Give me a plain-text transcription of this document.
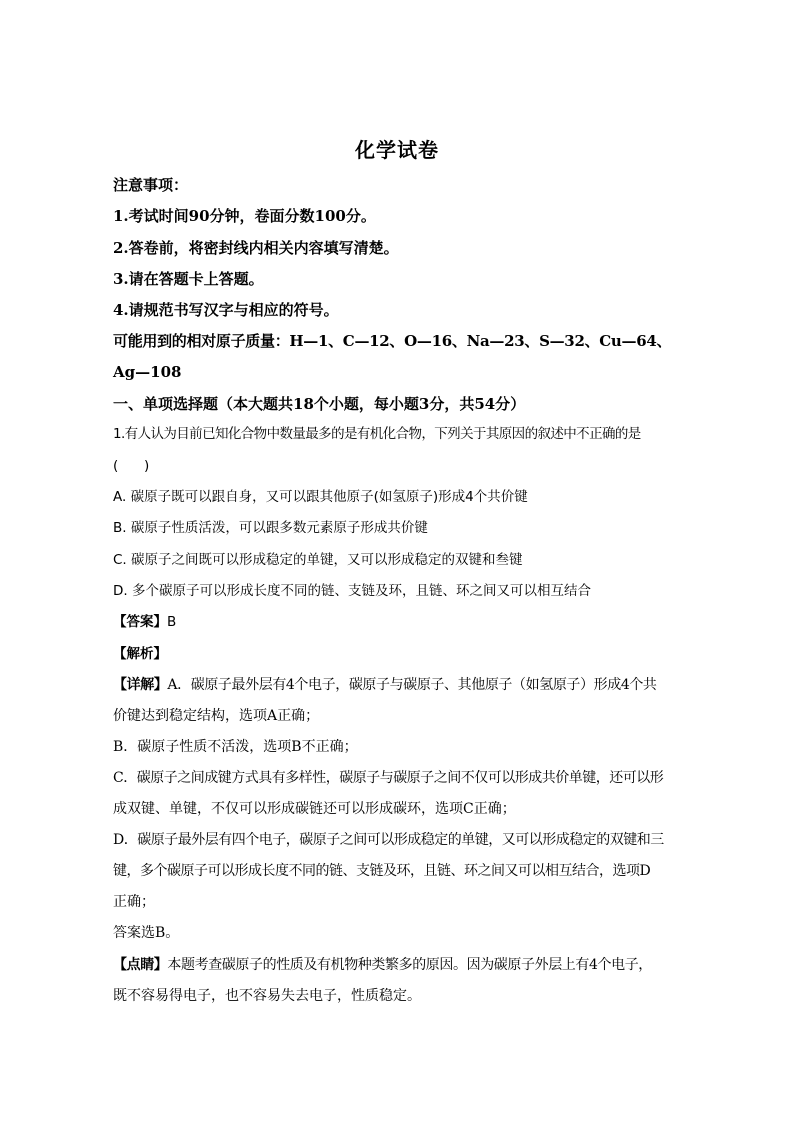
化学试卷
注意事项：
1.考试时间90分钟，卷面分数100分。
2.答卷前，将密封线内相关内容填写清楚。
3.请在答题卡上答题。
4.请规范书写汉字与相应的符号。
可能用到的相对原子质量：H—1、C—12、O—16、Na—23、S—32、Cu—64、
Ag—108
一、单项选择题（本大题共18个小题，每小题3分，共54分）
1.有人认为目前已知化合物中数量最多的是有机化合物，下列关于其原因的叙述中不正确的是
(      )
A. 碳原子既可以跟自身，又可以跟其他原子(如氢原子)形成4个共价键
B. 碳原子性质活泼，可以跟多数元素原子形成共价键
C. 碳原子之间既可以形成稳定的单键，又可以形成稳定的双键和叁键
D. 多个碳原子可以形成长度不同的链、支链及环，且链、环之间又可以相互结合
【答案】B
【解析】
【详解】A．碳原子最外层有4个电子，碳原子与碳原子、其他原子（如氢原子）形成4个共
价键达到稳定结构，选项A正确；
B．碳原子性质不活泼，选项B不正确；
C．碳原子之间成键方式具有多样性，碳原子与碳原子之间不仅可以形成共价单键，还可以形
成双键、单键，不仅可以形成碳链还可以形成碳环，选项C正确；
D．碳原子最外层有四个电子，碳原子之间可以形成稳定的单键，又可以形成稳定的双键和三
键，多个碳原子可以形成长度不同的链、支链及环，且链、环之间又可以相互结合，选项D
正确；
答案选B。
【点睛】本题考查碳原子的性质及有机物种类繁多的原因。因为碳原子外层上有4个电子，
既不容易得电子，也不容易失去电子，性质稳定。
